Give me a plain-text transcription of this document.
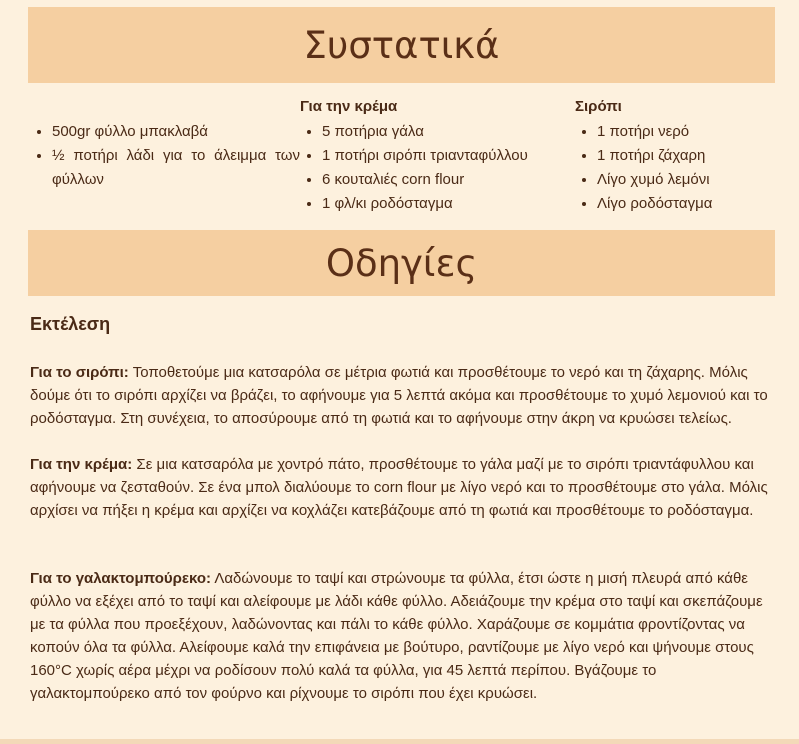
Συστατικά
• 500gr φύλλο μπακλαβά
• ½ ποτήρι λάδι για το άλειμμα των φύλλων
Για την κρέμα
• 5 ποτήρια γάλα
• 1 ποτήρι σιρόπι τριανταφύλλου
• 6 κουταλιές corn flour
• 1 φλ/κι ροδόσταγμα
Σιρόπι
• 1 ποτήρι νερό
• 1 ποτήρι ζάχαρη
• Λίγο χυμό λεμόνι
• Λίγο ροδόσταγμα
Οδηγίες
Εκτέλεση
Για το σιρόπι: Τοποθετούμε μια κατσαρόλα σε μέτρια φωτιά και προσθέτουμε το νερό και τη ζάχαρης. Μόλις δούμε ότι το σιρόπι αρχίζει να βράζει, το αφήνουμε για 5 λεπτά ακόμα και προσθέτουμε το χυμό λεμονιού και το ροδόσταγμα. Στη συνέχεια, το αποσύρουμε από τη φωτιά και το αφήνουμε στην άκρη να κρυώσει τελείως.
Για την κρέμα: Σε μια κατσαρόλα με χοντρό πάτο, προσθέτουμε το γάλα μαζί με το σιρόπι τριαντάφυλλου και αφήνουμε να ζεσταθούν. Σε ένα μπολ διαλύουμε το corn flour με λίγο νερό και το προσθέτουμε στο γάλα. Μόλις αρχίσει να πήξει η κρέμα και αρχίζει να κοχλάζει κατεβάζουμε από τη φωτιά και προσθέτουμε το ροδόσταγμα.
Για το γαλακτομπούρεκο: Λαδώνουμε το ταψί και στρώνουμε τα φύλλα, έτσι ώστε η μισή πλευρά από κάθε φύλλο να εξέχει από το ταψί και αλείφουμε με λάδι κάθε φύλλο. Αδειάζουμε την κρέμα στο ταψί και σκεπάζουμε με τα φύλλα που προεξέχουν, λαδώνοντας και πάλι το κάθε φύλλο. Χαράζουμε σε κομμάτια φροντίζοντας να κοπούν όλα τα φύλλα. Αλείφουμε καλά την επιφάνεια με βούτυρο, ραντίζουμε με λίγο νερό και ψήνουμε στους 160°C χωρίς αέρα μέχρι να ροδίσουν πολύ καλά τα φύλλα, για 45 λεπτά περίπου. Βγάζουμε το γαλακτομπούρεκο από τον φούρνο και ρίχνουμε το σιρόπι που έχει κρυώσει.
